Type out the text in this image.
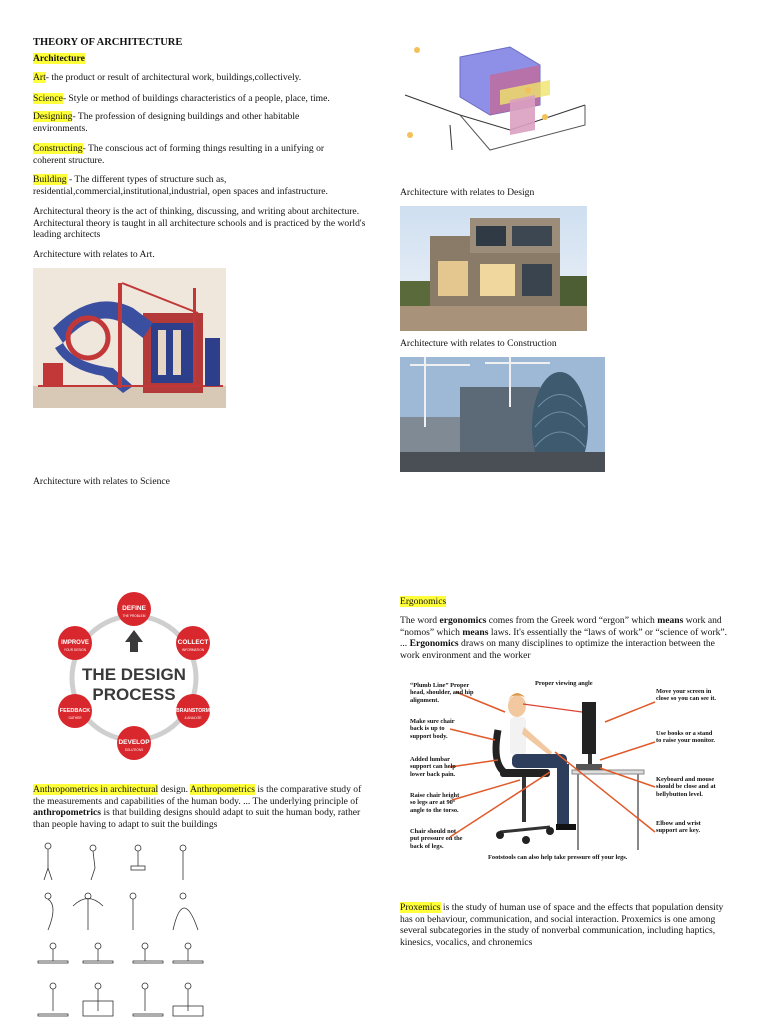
THEORY OF ARCHITECTURE
Architecture
Art- the product or result of architectural work, buildings,collectively.
Science- Style or method of buildings characteristics of a people, place, time.
Designing- The profession of designing buildings and other habitable environments.
Constructing- The conscious act of forming things resulting in a unifying or coherent structure.
Building - The different types of structure such as, residential,commercial,institutional,industrial, open spaces and infastructure.
Architectural theory is the act of thinking, discussing, and writing about architecture. Architectural theory is taught in all architecture schools and is practiced by the world's leading architects
Architecture with relates to Art.
Architecture with relates to Science
Architecture with relates to Design
Architecture with relates to Construction
DEFINE
THE PROBLEM
COLLECT
INFORMATION
BRAINSTORM
& ANALYZE
DEVELOP
SOLUTIONS
FEEDBACK
GATHER
IMPROVE
YOUR DESIGN
THE DESIGN
PROCESS
Anthropometrics in architectural design. Anthropometrics is the comparative study of the measurements and capabilities of the human body. ... The underlying principle of anthropometrics is that building designs should adapt to suit the human body, rather than people having to adapt to suit the buildings
Ergonomics
The word ergonomics comes from the Greek word “ergon” which means work and “nomos” which means laws. It's essentially the “laws of work” or “science of work”. ... Ergonomics draws on many disciplines to optimize the interaction between the work environment and the worker
“Plumb Line” Proper head, shoulder, and hip alignment.
Proper viewing angle
Move your screen in close so you can see it.
Use books or a stand to raise your monitor.
Make sure chair back is up to support body.
Added lumbar support can help lower back pain.
Keyboard and mouse should be close and at bellybutton level.
Raise chair height so legs are at 90° angle to the torso.
Elbow and wrist support are key.
Chair should not put pressure on the back of legs.
Footstools can also help take pressure off your legs.
Proxemics is the study of human use of space and the effects that population density has on behaviour, communication, and social interaction. Proxemics is one among several subcategories in the study of nonverbal communication, including haptics, kinesics, vocalics, and chronemics
